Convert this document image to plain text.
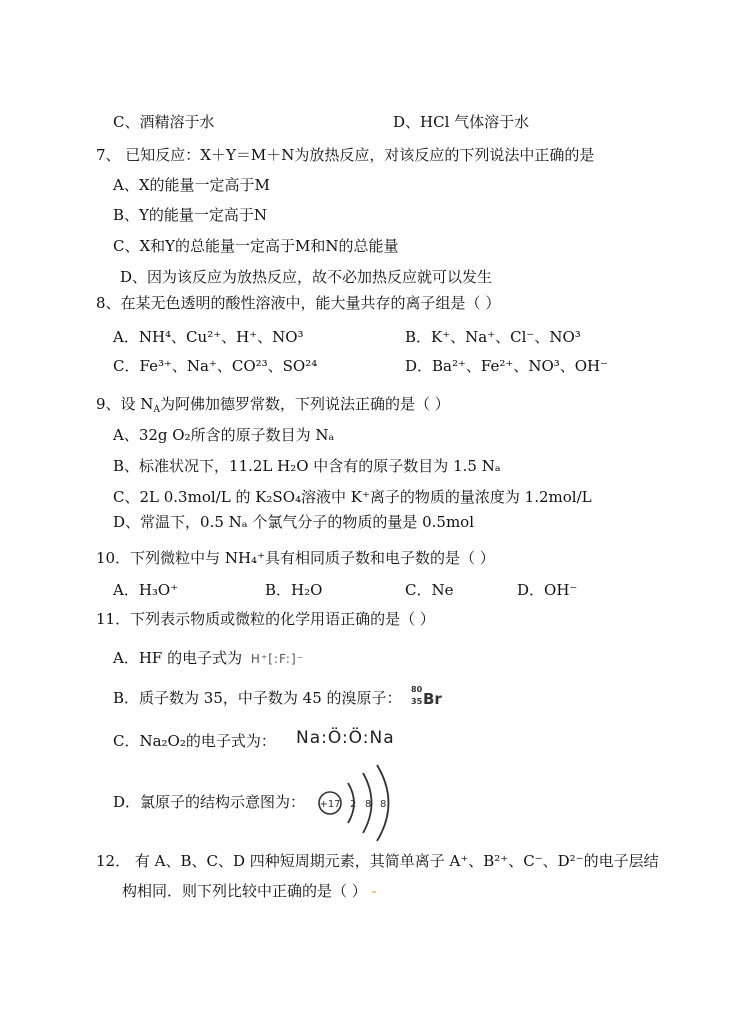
C、酒精溶于水	D、HCl 气体溶于水
7、 已知反应：X＋Y＝M＋N为放热反应，对该反应的下列说法中正确的是
A、X的能量一定高于M
B、Y的能量一定高于N
C、X和Y的总能量一定高于M和N的总能量
D、因为该反应为放热反应，故不必加热反应就可以发生
8、在某无色透明的酸性溶液中，能大量共存的离子组是（ ）
A．NH⁴、Cu²⁺、H⁺、NO³	B．K⁺、Na⁺、Cl⁻、NO³
C．Fe³⁺、Na⁺、CO²³、SO²⁴	D．Ba²⁺、Fe²⁺、NO³、OH⁻
9、设 $N_A$为阿佛加德罗常数，下列说法正确的是（ ）
A、32g O₂所含的原子数目为 Nₐ
B、标准状况下，11.2L H₂O 中含有的原子数目为 1.5 Nₐ
C、2L 0.3mol/L 的 K₂SO₄溶液中 K⁺离子的物质的量浓度为 1.2mol/L
D、常温下，0.5 Nₐ 个氯气分子的物质的量是 0.5mol
10．下列微粒中与 NH₄⁺具有相同质子数和电子数的是（ ）
A．H₃O⁺	B．H₂O	C．Ne	D．OH⁻
11．下列表示物质或微粒的化学用语正确的是（ ）
A．HF 的电子式为 H⁺[:F:]⁻
B．质子数为 35，中子数为 45 的溴原子： 80
35 Br
C．Na₂O₂的电子式为： Na:Ö:Ö:Na
D．氯原子的结构示意图为： +17 2 8 8
12． 有 A、B、C、D 四种短周期元素，其简单离子 A⁺、B²⁺、C⁻、D²⁻的电子层结
构相同．则下列比较中正确的是（ ） -
